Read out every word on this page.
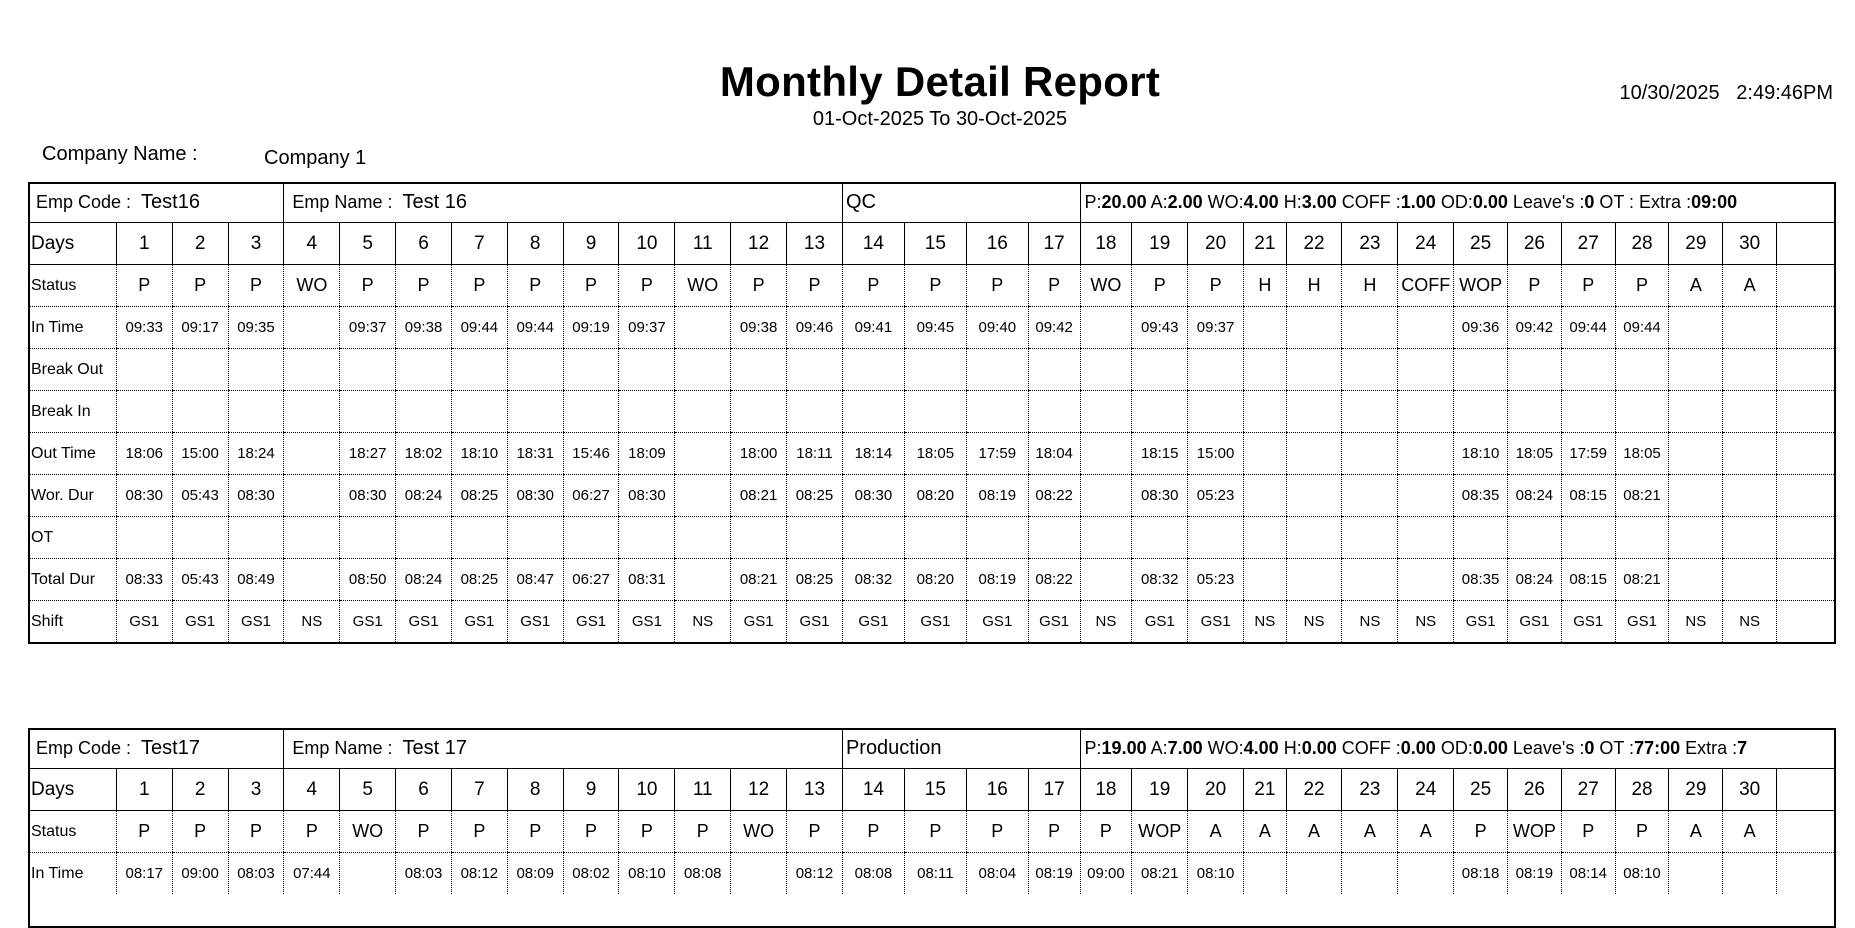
Monthly Detail Report
01-Oct-2025 To 30-Oct-2025
10/30/2025 2:49:46PM
Company Name :	Company 1
Emp Code : Test16				Emp Name : Test 16										QC				P:20.00 A:2.00 WO:4.00 H:3.00 COFF :1.00 OD:0.00 Leave's :0 OT : Extra :09:00													
Days	1	2	3	4	5	6	7	8	9	10	11	12	13	14	15	16	17	18	19	20	21	22	23	24	25	26	27	28	29	30	
Status	P	P	P	WO	P	P	P	P	P	P	WO	P	P	P	P	P	P	WO	P	P	H	H	H	COFF	WOP	P	P	P	A	A	
In Time	09:33	09:17	09:35		09:37	09:38	09:44	09:44	09:19	09:37		09:38	09:46	09:41	09:45	09:40	09:42		09:43	09:37					09:36	09:42	09:44	09:44			
Break Out																															
Break In																															
Out Time	18:06	15:00	18:24		18:27	18:02	18:10	18:31	15:46	18:09		18:00	18:11	18:14	18:05	17:59	18:04		18:15	15:00					18:10	18:05	17:59	18:05			
Wor. Dur	08:30	05:43	08:30		08:30	08:24	08:25	08:30	06:27	08:30		08:21	08:25	08:30	08:20	08:19	08:22		08:30	05:23					08:35	08:24	08:15	08:21			
OT																															
Total Dur	08:33	05:43	08:49		08:50	08:24	08:25	08:47	06:27	08:31		08:21	08:25	08:32	08:20	08:19	08:22		08:32	05:23					08:35	08:24	08:15	08:21			
Shift	GS1	GS1	GS1	NS	GS1	GS1	GS1	GS1	GS1	GS1	NS	GS1	GS1	GS1	GS1	GS1	GS1	NS	GS1	GS1	NS	NS	NS	NS	GS1	GS1	GS1	GS1	NS	NS	
Emp Code : Test17				Emp Name : Test 17										Production				P:19.00 A:7.00 WO:4.00 H:0.00 COFF :0.00 OD:0.00 Leave's :0 OT :77:00 Extra :7													
Days	1	2	3	4	5	6	7	8	9	10	11	12	13	14	15	16	17	18	19	20	21	22	23	24	25	26	27	28	29	30	
Status	P	P	P	P	WO	P	P	P	P	P	P	WO	P	P	P	P	P	P	WOP	A	A	A	A	A	P	WOP	P	P	A	A	
In Time	08:17	09:00	08:03	07:44		08:03	08:12	08:09	08:02	08:10	08:08		08:12	08:08	08:11	08:04	08:19	09:00	08:21	08:10					08:18	08:19	08:14	08:10			
